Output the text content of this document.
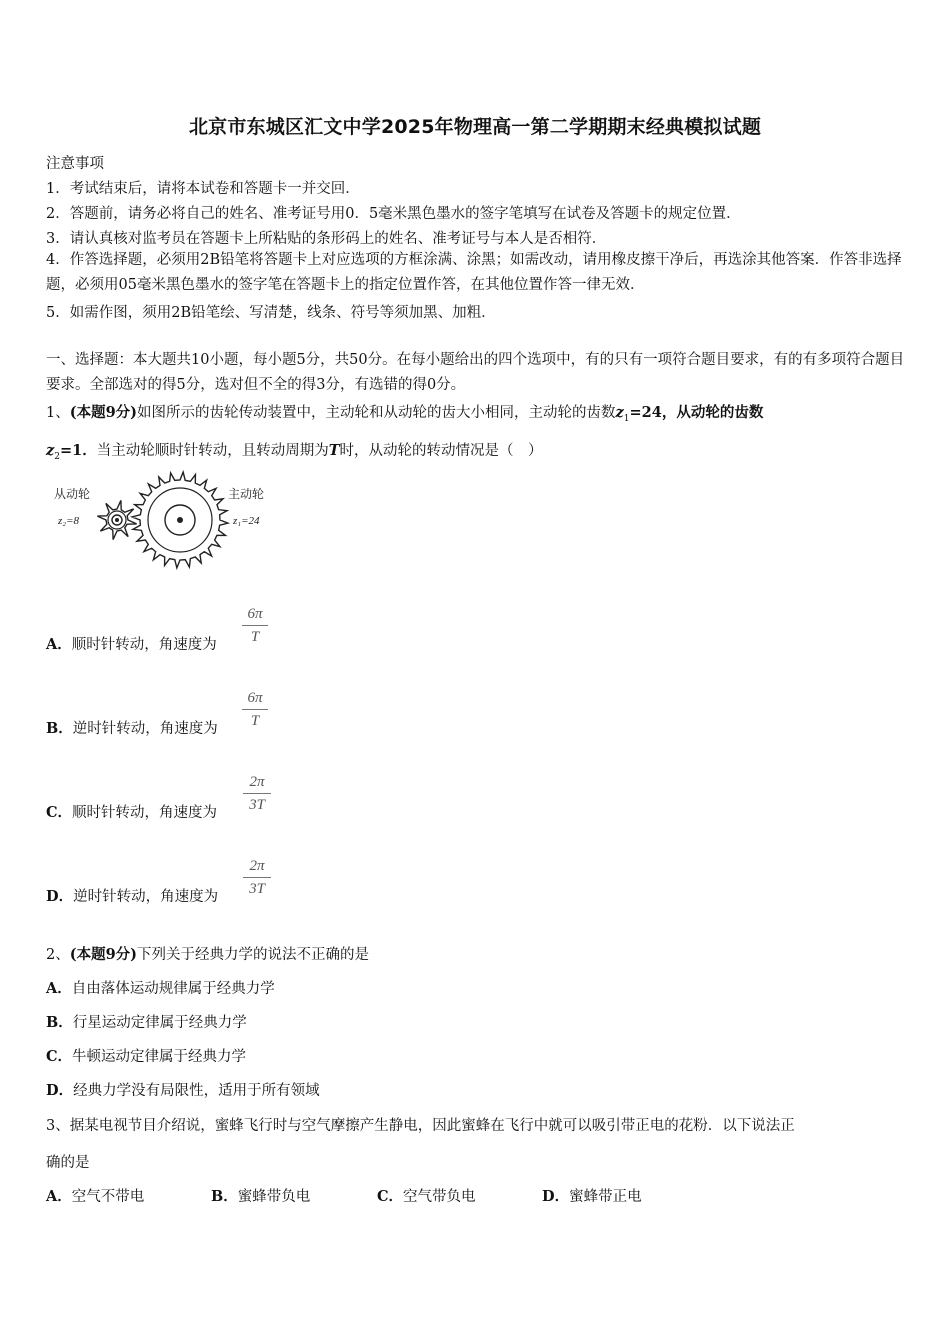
北京市东城区汇文中学2025年物理高一第二学期期末经典模拟试题
注意事项
1．考试结束后，请将本试卷和答题卡一并交回．
2．答题前，请务必将自己的姓名、准考证号用0．5毫米黑色墨水的签字笔填写在试卷及答题卡的规定位置．
3．请认真核对监考员在答题卡上所粘贴的条形码上的姓名、准考证号与本人是否相符．
4．作答选择题，必须用2B铅笔将答题卡上对应选项的方框涂满、涂黑；如需改动，请用橡皮擦干净后，再选涂其他答案．作答非选择题，必须用05毫米黑色墨水的签字笔在答题卡上的指定位置作答，在其他位置作答一律无效．
5．如需作图，须用2B铅笔绘、写清楚，线条、符号等须加黑、加粗．
一、选择题：本大题共10小题，每小题5分，共50分。在每小题给出的四个选项中，有的只有一项符合题目要求，有的有多项符合题目要求。全部选对的得5分，选对但不全的得3分，有选错的得0分。
1、(本题9分)如图所示的齿轮传动装置中，主动轮和从动轮的齿大小相同，主动轮的齿数$z_1=24$，从动轮的齿数
$z_2=1$．当主动轮顺时针转动，且转动周期为T时，从动轮的转动情况是（　）
从动轮
z₂=8
主动轮
z₁=24
A．顺时针转动，角速度为 $\frac{6\pi}{T}$
B．逆时针转动，角速度为 $\frac{6\pi}{T}$
C．顺时针转动，角速度为 $\frac{2\pi}{3T}$
D．逆时针转动，角速度为 $\frac{2\pi}{3T}$
2、(本题9分)下列关于经典力学的说法不正确的是
A．自由落体运动规律属于经典力学
B．行星运动定律属于经典力学
C．牛顿运动定律属于经典力学
D．经典力学没有局限性，适用于所有领域
3、据某电视节目介绍说，蜜蜂飞行时与空气摩擦产生静电，因此蜜蜂在飞行中就可以吸引带正电的花粉．以下说法正
确的是
A．空气不带电	B．蜜蜂带负电	C．空气带负电	D．蜜蜂带正电
